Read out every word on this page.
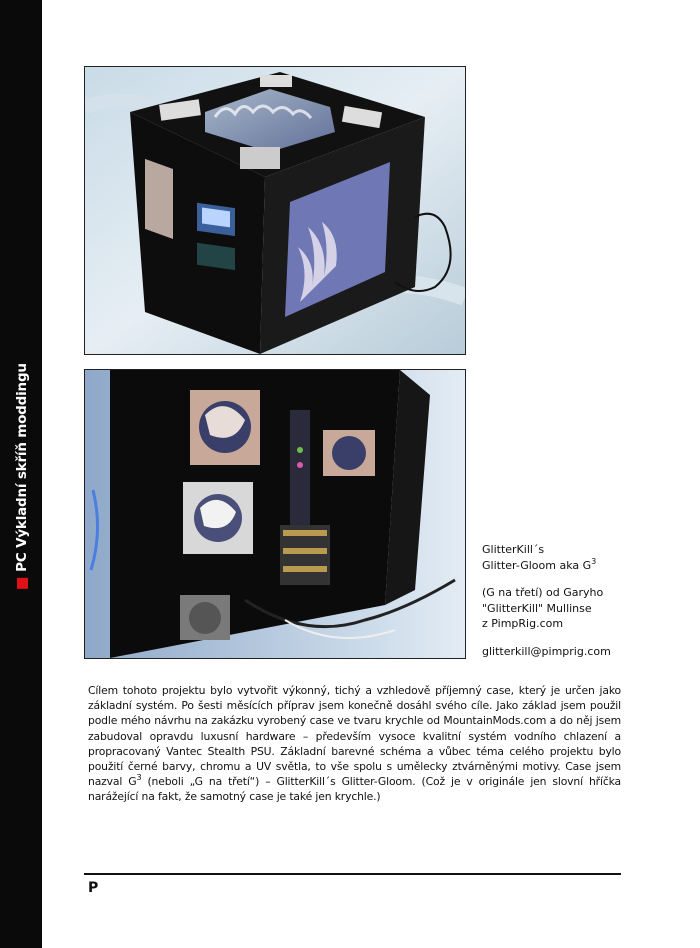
PC Výkladní skříň moddingu	GlitterKill´s
Glitter-Gloom aka $G^3$
(G na třetí) od Garyho
"GlitterKill" Mullinse
z PimpRig.com
glitterkill@pimprig.com
Cílem tohoto projektu bylo vytvořit výkonný, tichý a vzhledově příjemný case, který je určen jako základní systém. Po šesti měsících příprav jsem konečně dosáhl svého cíle. Jako základ jsem použil podle mého návrhu na zakázku vyrobený case ve tvaru krychle od MountainMods.com a do něj jsem zabudoval opravdu luxusní hardware – především vysoce kvalitní systém vodního chlazení a propracovaný Vantec Stealth PSU. Základní barevné schéma a vůbec téma celého projektu bylo použití černé barvy, chromu a UV světla, to vše spolu s umělecky ztvárněnými motivy. Case jsem nazval $G^3$ (neboli „G na třetí“) – GlitterKill´s Glitter-Gloom. (Což je v originále jen slovní hříčka narážející na fakt, že samotný case je také jen krychle.)
P
